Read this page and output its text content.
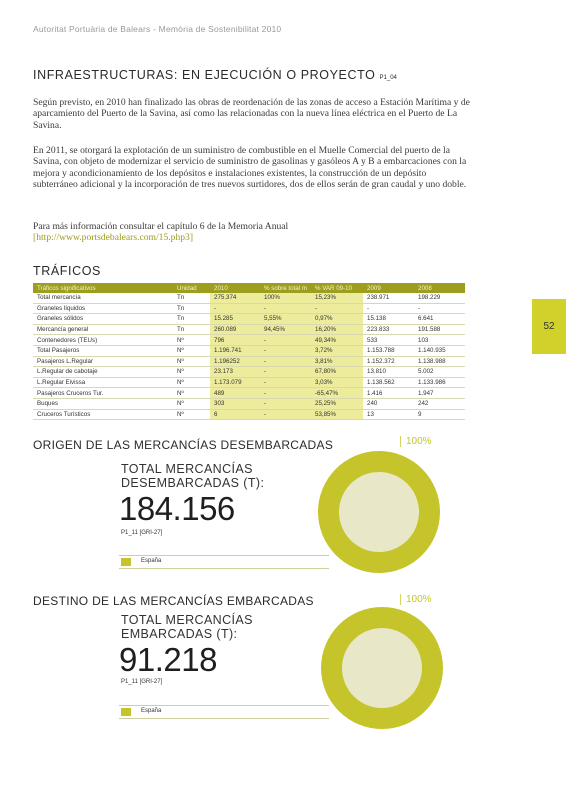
Autoritat Portuària de Balears - Memòria de Sostenibilitat 2010
INFRAESTRUCTURAS: EN EJECUCIÓN O PROYECTO P1_04

Según previsto, en 2010 han finalizado las obras de reordenación de las zonas de acceso a Estación Marítima y de aparcamiento del Puerto de la Savina, así como las relacionadas con la nueva línea eléctrica en el Puerto de La Savina.

En 2011, se otorgará la explotación de un suministro de combustible en el Muelle Comercial del puerto de la Savina, con objeto de modernizar el servicio de suministro de gasolinas y gasóleos A y B a embarcaciones con la mejora y acondicionamiento de los depósitos e instalaciones existentes, la construcción de un depósito subterráneo adicional y la incorporación de tres nuevos surtidores, dos de ellos serán de gran caudal y uno doble.

Para más información consultar el capítulo 6 de la Memoria Anual
[http://www.portsdebalears.com/15.php3]

52
TRÁFICOS
Tráficos significativos	Unidad	2010	% sobre total m	% VAR 09-10	2009	2008
Total mercancía	Tn	275.374	100%	15,23%	238.971	198.229
Graneles líquidos	Tn	-	-	-	-	-
Graneles sólidos	Tn	15.285	5,55%	0,97%	15.138	6.641
Mercancía general	Tn	260.089	94,45%	16,20%	223.833	191.588
Contenedores (TEUs)	Nº	796	-	49,34%	533	103
Total Pasajeros	Nº	1.196.741	-	3,72%	1.153.788	1.140.935
Pasajeros L.Regular	Nº	1.196252	-	3,81%	1.152.372	1.138.988
L.Regular de cabotaje	Nº	23.173	-	67,80%	13.810	5.002
L.Regular Eivissa	Nº	1.173.079	-	3,03%	1.138.562	1.133.986
Pasajeros Cruceros Tur.	Nº	489	-	-65,47%	1.416	1.947
Buques	Nº	303	-	25,25%	240	242
Cruceros Turísticos	Nº	6	-	53,85%	13	9
ORIGEN DE LAS MERCANCÍAS DESEMBARCADAS	100%
TOTAL MERCANCÍAS DESEMBARCADAS (T):
184.156
P1_11 [GRI-27]
España
DESTINO DE LAS MERCANCÍAS EMBARCADAS	100%
TOTAL MERCANCÍAS EMBARCADAS (T):
91.218
P1_11 [GRI-27]
España
